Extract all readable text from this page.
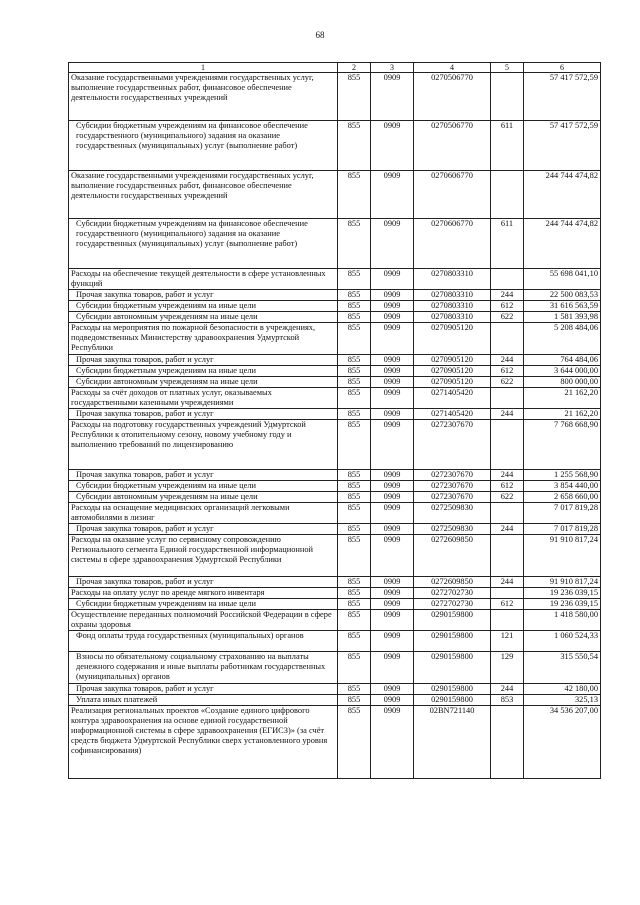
68
1	2	3	4	5	6
Оказание государственными учреждениями государственных услуг, выполнение государственных работ, финансовое обеспечение деятельности государственных учреждений	855	0909	0270506770		57 417 572,59
Субсидии бюджетным учреждениям на финансовое обеспечение государственного (муниципального) задания на оказание государственных (муниципальных) услуг (выполнение работ)	855	0909	0270506770	611	57 417 572,59
Оказание государственными учреждениями государственных услуг, выполнение государственных работ, финансовое обеспечение деятельности государственных учреждений	855	0909	0270606770		244 744 474,82
Субсидии бюджетным учреждениям на финансовое обеспечение государственного (муниципального) задания на оказание государственных (муниципальных) услуг (выполнение работ)	855	0909	0270606770	611	244 744 474,82
Расходы на обеспечение текущей деятельности в сфере установленных функций	855	0909	0270803310		55 698 041,10
Прочая закупка товаров, работ и услуг	855	0909	0270803310	244	22 500 083,53
Субсидии бюджетным учреждениям на иные цели	855	0909	0270803310	612	31 616 563,59
Субсидии автономным учреждениям на иные цели	855	0909	0270803310	622	1 581 393,98
Расходы на мероприятия по пожарной безопасности в учреждениях, подведомственных Министерству здравоохранения Удмуртской Республики	855	0909	0270905120		5 208 484,06
Прочая закупка товаров, работ и услуг	855	0909	0270905120	244	764 484,06
Субсидии бюджетным учреждениям на иные цели	855	0909	0270905120	612	3 644 000,00
Субсидии автономным учреждениям на иные цели	855	0909	0270905120	622	800 000,00
Расходы за счёт доходов от платных услуг, оказываемых государственными казенными учреждениями	855	0909	0271405420		21 162,20
Прочая закупка товаров, работ и услуг	855	0909	0271405420	244	21 162,20
Расходы на подготовку государственных учреждений Удмуртской Республики к отопительному сезону, новому учебному году и выполнению требований по лицензированию	855	0909	0272307670		7 768 668,90
Прочая закупка товаров, работ и услуг	855	0909	0272307670	244	1 255 568,90
Субсидии бюджетным учреждениям на иные цели	855	0909	0272307670	612	3 854 440,00
Субсидии автономным учреждениям на иные цели	855	0909	0272307670	622	2 658 660,00
Расходы на оснащение медицинских организаций легковыми автомобилями в лизинг	855	0909	0272509830		7 017 819,28
Прочая закупка товаров, работ и услуг	855	0909	0272509830	244	7 017 819,28
Расходы на оказание услуг по сервисному сопровождению Регионального сегмента Единой государственной информационной системы в сфере здравоохранения Удмуртской Республики	855	0909	0272609850		91 910 817,24
Прочая закупка товаров, работ и услуг	855	0909	0272609850	244	91 910 817,24
Расходы на оплату услуг по аренде мягкого инвентаря	855	0909	0272702730		19 236 039,15
Субсидии бюджетным учреждениям на иные цели	855	0909	0272702730	612	19 236 039,15
Осуществление переданных полномочий Российской Федерации в сфере охраны здоровья	855	0909	0290159800		1 418 580,00
Фонд оплаты труда государственных (муниципальных) органов	855	0909	0290159800	121	1 060 524,33
Взносы по обязательному социальному страхованию на выплаты денежного содержания и иные выплаты работникам государственных (муниципальных) органов	855	0909	0290159800	129	315 550,54
Прочая закупка товаров, работ и услуг	855	0909	0290159800	244	42 180,00
Уплата иных платежей	855	0909	0290159800	853	325,13
Реализация региональных проектов «Создание единого цифрового контура здравоохранения на основе единой государственной информационной системы в сфере здравоохранения (ЕГИСЗ)» (за счёт средств бюджета Удмуртской Республики сверх установленного уровня софинансирования)	855	0909	02ВN721140		34 536 207,00
